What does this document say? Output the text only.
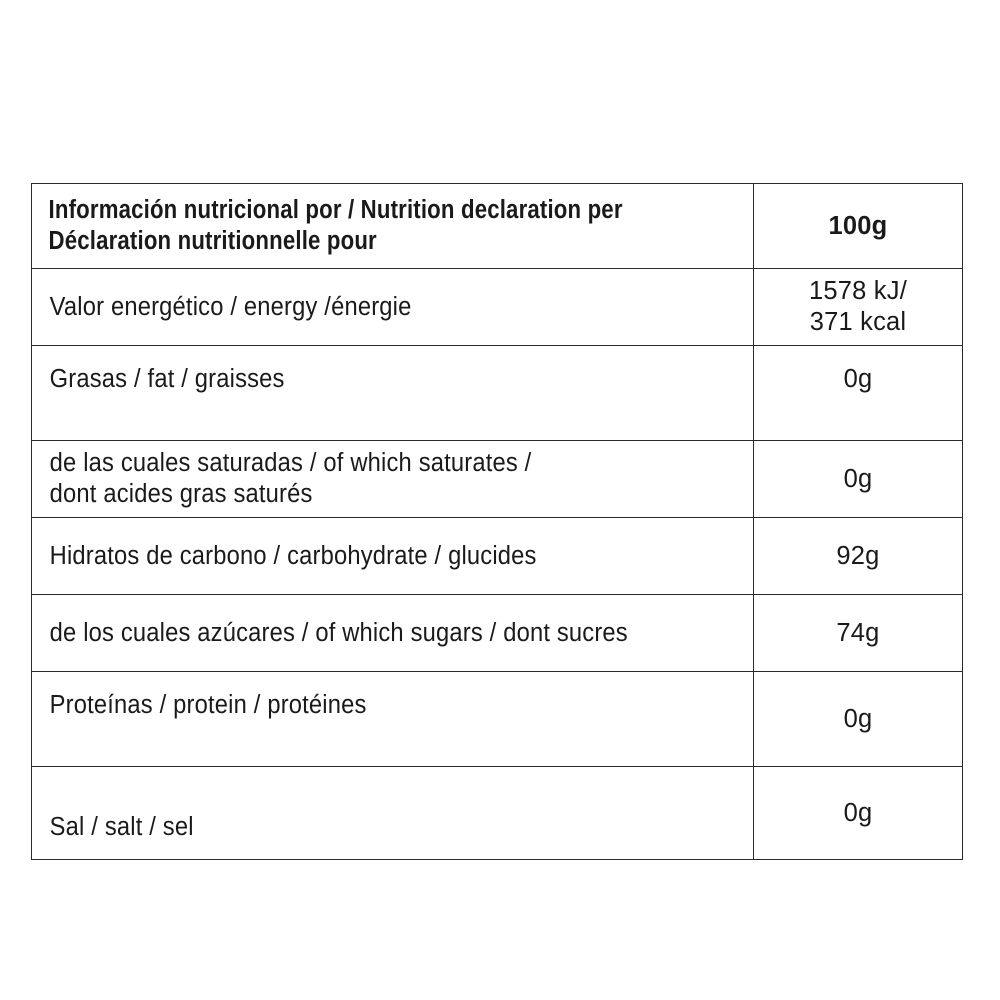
Información nutricional por / Nutrition declaration per
Déclaration nutritionnelle pour	100g

Valor energético / energy /énergie	1578 kJ/
371 kcal

Grasas / fat / graisses	0g

de las cuales saturadas / of which saturates /
dont acides gras saturés	0g

Hidratos de carbono / carbohydrate / glucides	92g

de los cuales azúcares / of which sugars / dont sucres	74g

Proteínas / protein / protéines	0g

Sal / salt / sel	0g
